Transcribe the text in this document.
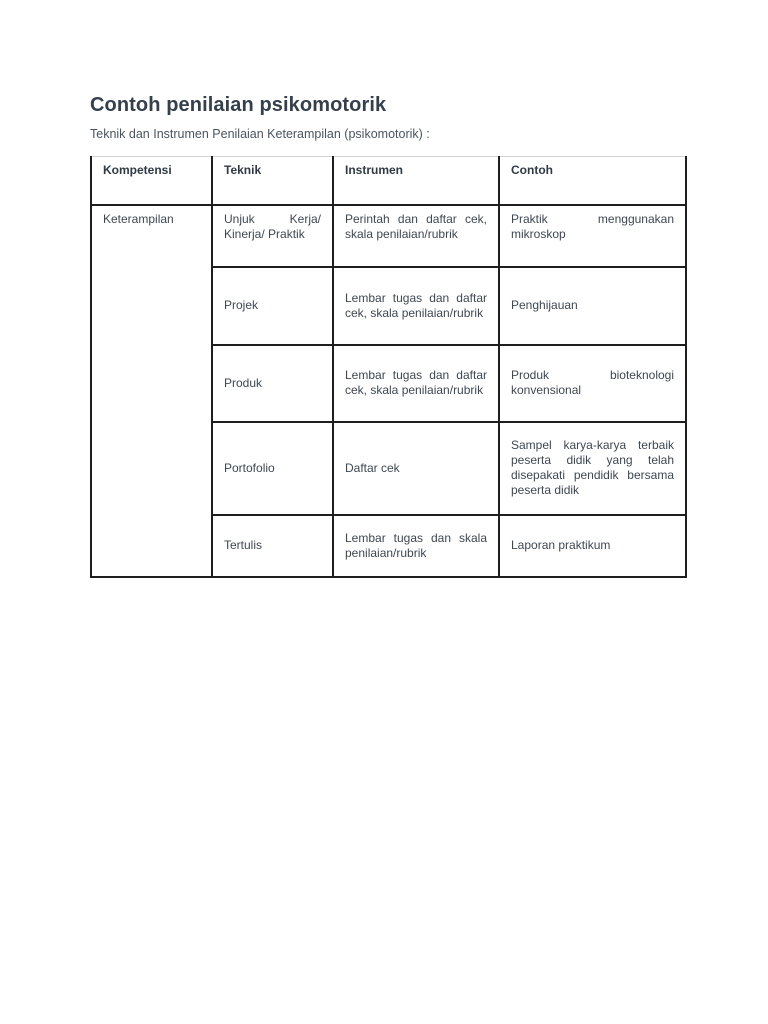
Contoh penilaian psikomotorik

Teknik dan Instrumen Penilaian Keterampilan (psikomotorik) :

Kompetensi	Teknik	Instrumen	Contoh
Keterampilan	Unjuk Kerja/ Kinerja/ Praktik	Perintah dan daftar cek, skala penilaian/rubrik	Praktik menggunakan mikroskop
	Projek	Lembar tugas dan daftar cek, skala penilaian/rubrik	Penghijauan
	Produk	Lembar tugas dan daftar cek, skala penilaian/rubrik	Produk bioteknologi konvensional
	Portofolio	Daftar cek	Sampel karya-karya terbaik peserta didik yang telah disepakati pendidik bersama peserta didik
	Tertulis	Lembar tugas dan skala penilaian/rubrik	Laporan praktikum
